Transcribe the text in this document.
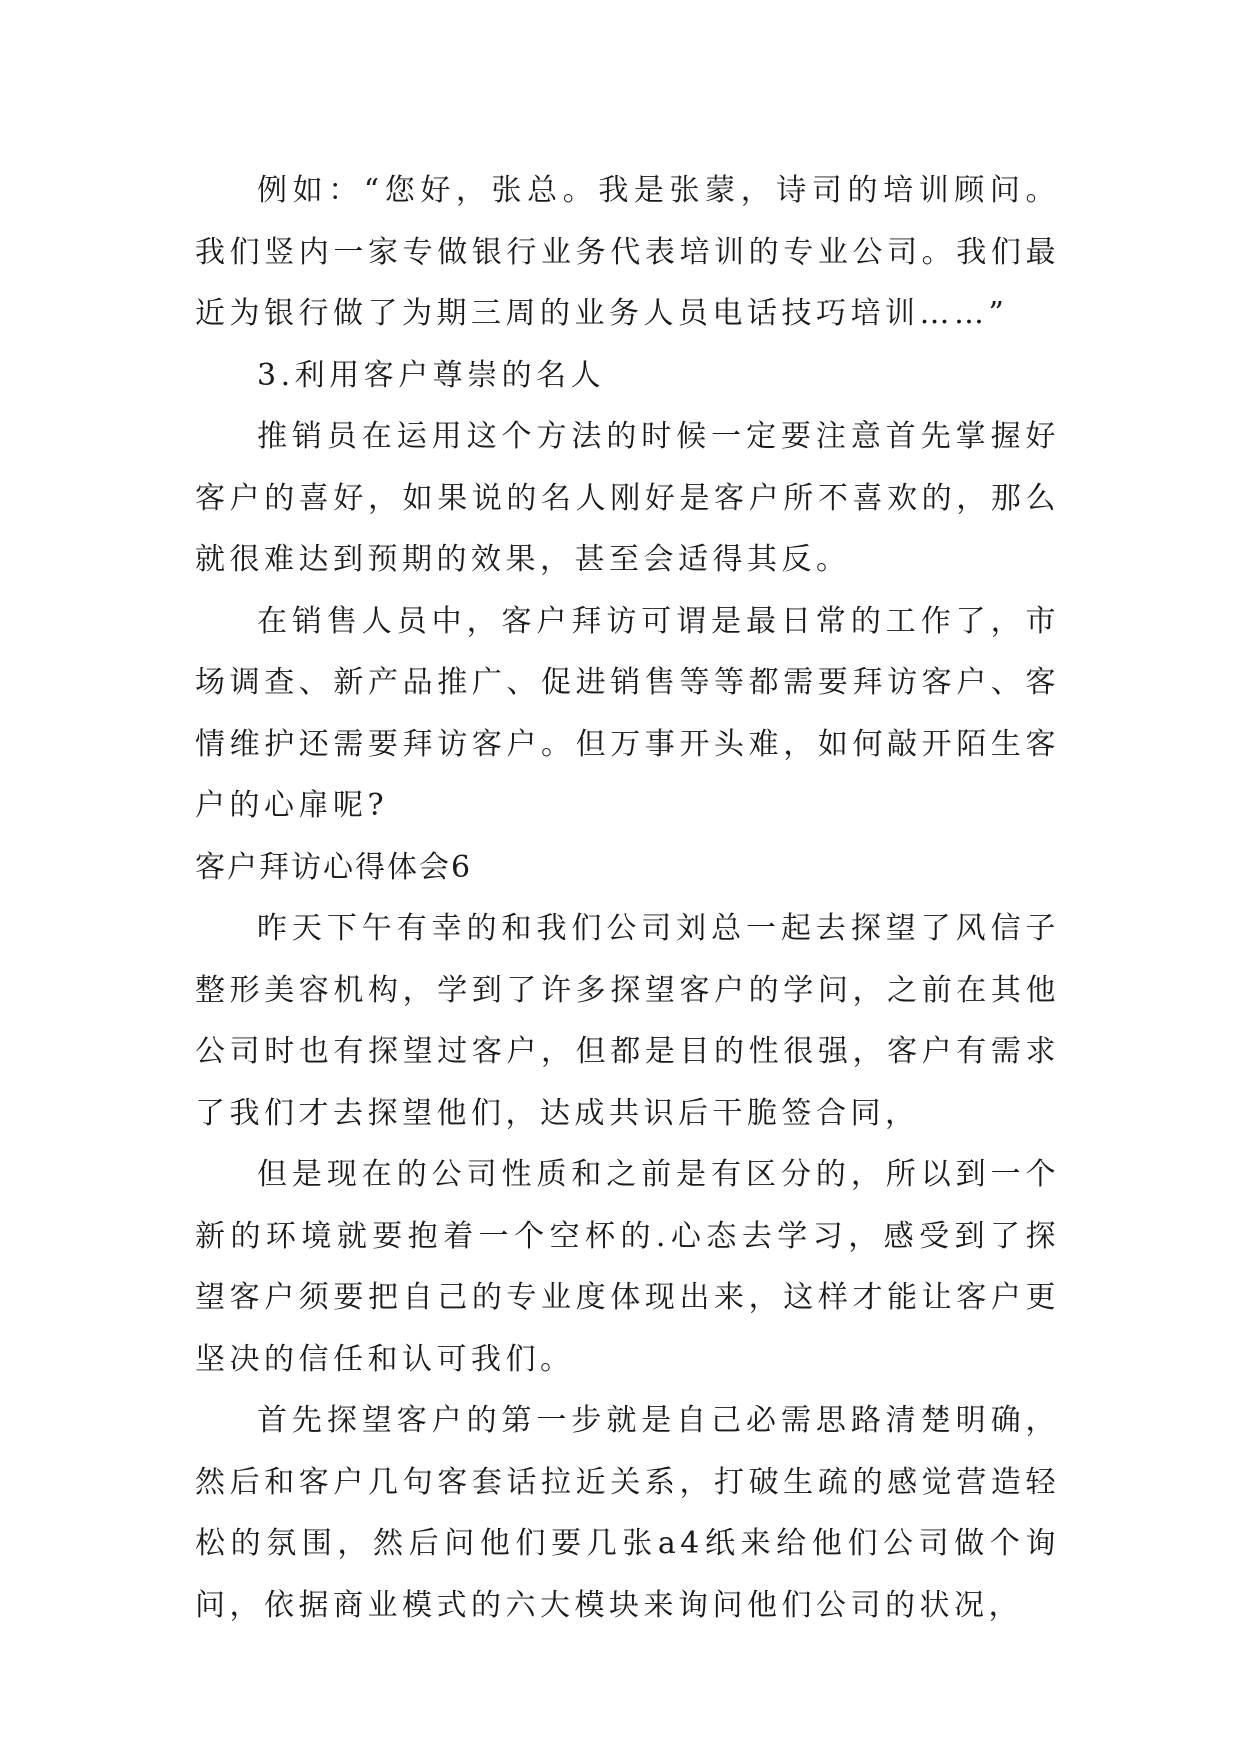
例如：“您好，张总。我是张蒙，诗司的培训顾问。我们竖内一家专做银行业务代表培训的专业公司。我们最近为银行做了为期三周的业务人员电话技巧培训……”

3.利用客户尊崇的名人

推销员在运用这个方法的时候一定要注意首先掌握好客户的喜好，如果说的名人刚好是客户所不喜欢的，那么就很难达到预期的效果，甚至会适得其反。

在销售人员中，客户拜访可谓是最日常的工作了，市场调查、新产品推广、促进销售等等都需要拜访客户、客情维护还需要拜访客户。但万事开头难，如何敲开陌生客户的心扉呢?

客户拜访心得体会6

昨天下午有幸的和我们公司刘总一起去探望了风信子整形美容机构，学到了许多探望客户的学问，之前在其他公司时也有探望过客户，但都是目的性很强，客户有需求了我们才去探望他们，达成共识后干脆签合同，

但是现在的公司性质和之前是有区分的，所以到一个新的环境就要抱着一个空杯的.心态去学习，感受到了探望客户须要把自己的专业度体现出来，这样才能让客户更坚决的信任和认可我们。

首先探望客户的第一步就是自己必需思路清楚明确，然后和客户几句客套话拉近关系，打破生疏的感觉营造轻松的氛围，然后问他们要几张a4纸来给他们公司做个询问，依据商业模式的六大模块来询问他们公司的状况，
